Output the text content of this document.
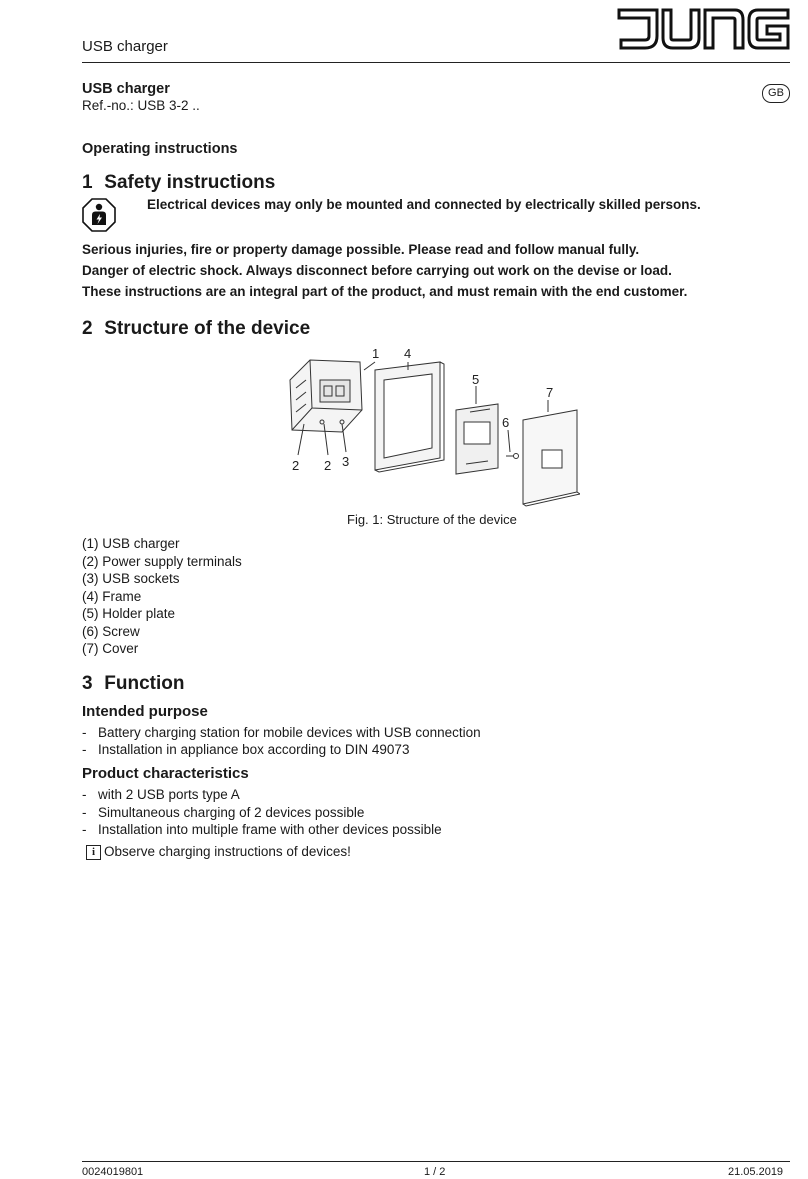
USB charger
USB charger
Ref.-no.: USB 3-2 ..
GB
Operating instructions
1 Safety instructions
Electrical devices may only be mounted and connected by electrically skilled persons.
Serious injuries, fire or property damage possible. Please read and follow manual fully.
Danger of electric shock. Always disconnect before carrying out work on the devise or load.
These instructions are an integral part of the product, and must remain with the end customer.
2 Structure of the device
1 4
5
7
6
2 2 3
Fig. 1: Structure of the device
(1) USB charger
(2) Power supply terminals
(3) USB sockets
(4) Frame
(5) Holder plate
(6) Screw
(7) Cover
3 Function
Intended purpose
- Battery charging station for mobile devices with USB connection
- Installation in appliance box according to DIN 49073
Product characteristics
- with 2 USB ports type A
- Simultaneous charging of 2 devices possible
- Installation into multiple frame with other devices possible
i Observe charging instructions of devices!
0024019801	1 / 2	21.05.2019
